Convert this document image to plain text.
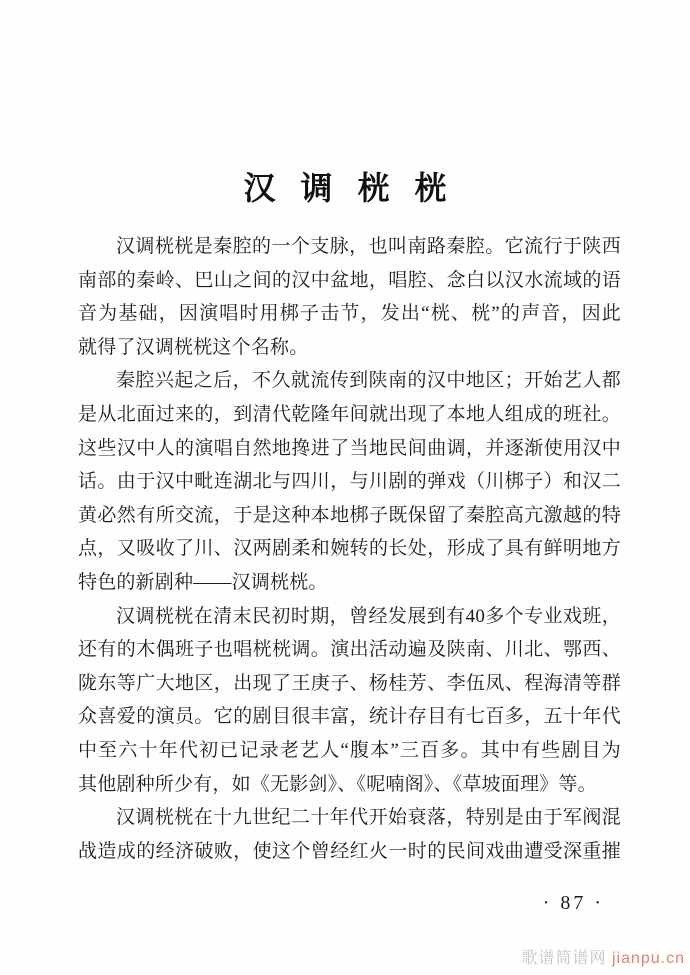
汉调桄桄
汉调桄桄是秦腔的一个支脉，也叫南路秦腔。它流行于陕西
南部的秦岭、巴山之间的汉中盆地，唱腔、念白以汉水流域的语
音为基础，因演唱时用梆子击节，发出“桄、桄”的声音，因此
就得了汉调桄桄这个名称。
秦腔兴起之后，不久就流传到陕南的汉中地区；开始艺人都
是从北面过来的，到清代乾隆年间就出现了本地人组成的班社。
这些汉中人的演唱自然地搀进了当地民间曲调，并逐渐使用汉中
话。由于汉中毗连湖北与四川，与川剧的弹戏（川梆子）和汉二
黄必然有所交流，于是这种本地梆子既保留了秦腔高亢激越的特
点，又吸收了川、汉两剧柔和婉转的长处，形成了具有鲜明地方
特色的新剧种——汉调桄桄。
汉调桄桄在清末民初时期，曾经发展到有40多个专业戏班，
还有的木偶班子也唱桄桄调。演出活动遍及陕南、川北、鄂西、
陇东等广大地区，出现了王庚子、杨桂芳、李伍凤、程海清等群
众喜爱的演员。它的剧目很丰富，统计存目有七百多，五十年代
中至六十年代初已记录老艺人“腹本”三百多。其中有些剧目为
其他剧种所少有，如《无影剑》、《呢喃阁》、《草坡面理》等。
汉调桄桄在十九世纪二十年代开始衰落，特别是由于军阀混
战造成的经济破败，使这个曾经红火一时的民间戏曲遭受深重摧
· 87 ·
歌谱简谱网 jianpu.cn
